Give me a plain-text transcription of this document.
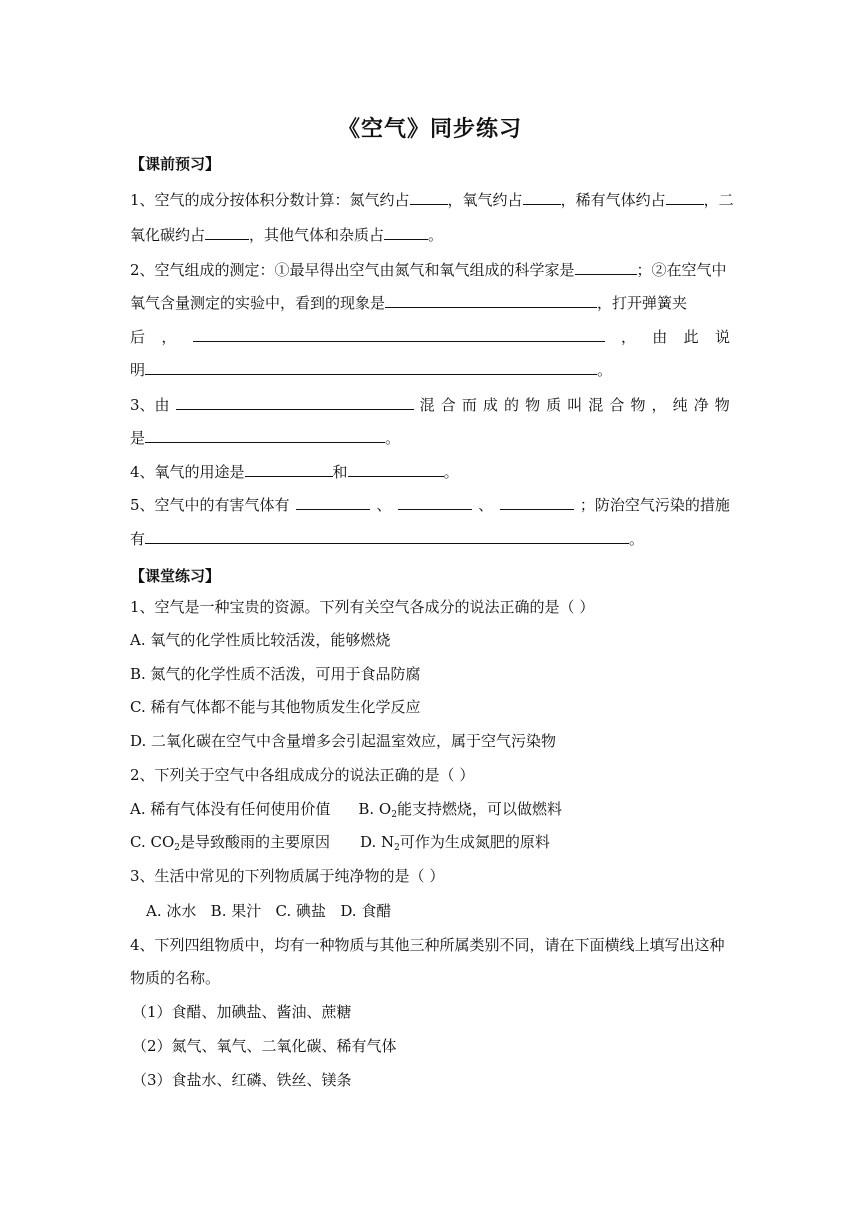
《空气》同步练习
【课前预习】
1、空气的成分按体积分数计算：氮气约占	，氧气约占	，稀有气体约占	，二
氧化碳约占	，其他气体和杂质占	。
2、空气组成的测定：①最早得出空气由氮气和氧气组成的科学家是	；②在空气中
氧气含量测定的实验中，看到的现象是	，打开弹簧夹
后 ，	， 由 此 说
明	。
3、由	混 合 而 成 的 物 质 叫 混 合 物 ， 纯 净 物
是	。
4、氧气的用途是	和	。
5、空气中的有害气体有	、	、	；防治空气污染的措施
有	。
【课堂练习】
1、空气是一种宝贵的资源。下列有关空气各成分的说法正确的是（ ）
A. 氧气的化学性质比较活泼，能够燃烧
B. 氮气的化学性质不活泼，可用于食品防腐
C. 稀有气体都不能与其他物质发生化学反应
D. 二氧化碳在空气中含量增多会引起温室效应，属于空气污染物
2、下列关于空气中各组成成分的说法正确的是（ ）
A. 稀有气体没有任何使用价值 B. $O_2$能支持燃烧，可以做燃料
C. $CO_2$是导致酸雨的主要原因 D. $N_2$可作为生成氮肥的原料
3、生活中常见的下列物质属于纯净物的是（ ）
A. 冰水   B. 果汁   C. 碘盐   D. 食醋
4、下列四组物质中，均有一种物质与其他三种所属类别不同，请在下面横线上填写出这种
物质的名称。
（1）食醋、加碘盐、酱油、蔗糖
（2）氮气、氧气、二氧化碳、稀有气体
（3）食盐水、红磷、铁丝、镁条
